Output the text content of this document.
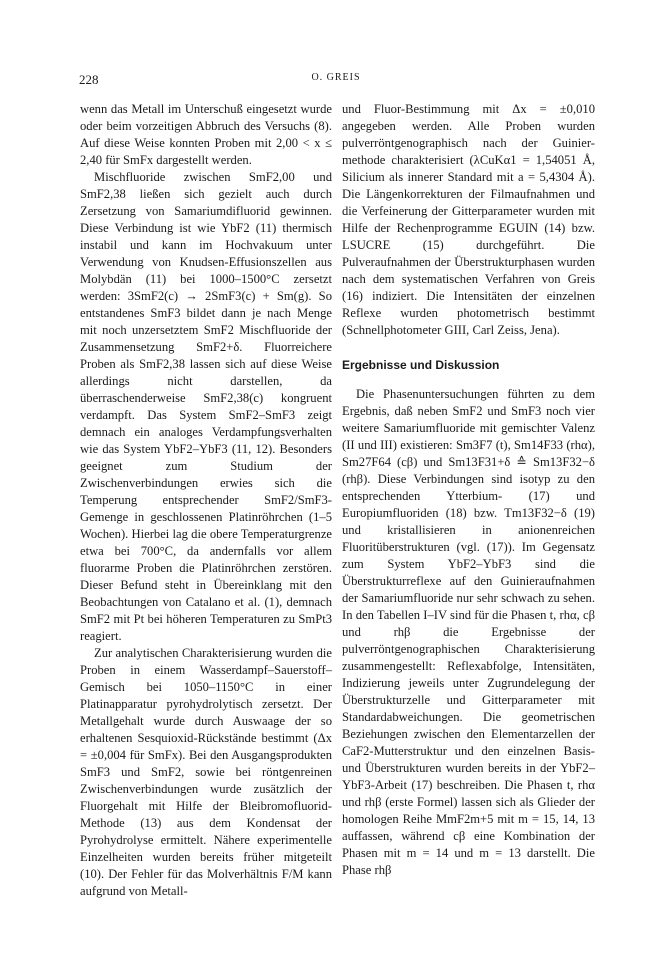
228	O. GREIS

wenn das Metall im Unterschuß eingesetzt wurde oder beim vorzeitigen Abbruch des Versuchs (8). Auf diese Weise konnten Proben mit 2,00 < x ≤ 2,40 für SmFx dargestellt werden.

Mischfluoride zwischen SmF2,00 und SmF2,38 ließen sich gezielt auch durch Zersetzung von Samariumdifluorid gewinnen. Diese Verbindung ist wie YbF2 (11) thermisch instabil und kann im Hochvakuum unter Verwendung von Knudsen-Effusionszellen aus Molybdän (11) bei 1000–1500°C zersetzt werden: 3SmF2(c) → 2SmF3(c) + Sm(g). So entstandenes SmF3 bildet dann je nach Menge mit noch unzersetztem SmF2 Mischfluoride der Zusammensetzung SmF2+δ. Fluorreichere Proben als SmF2,38 lassen sich auf diese Weise allerdings nicht darstellen, da überraschenderweise SmF2,38(c) kongruent verdampft. Das System SmF2–SmF3 zeigt demnach ein analoges Verdampfungsverhalten wie das System YbF2–YbF3 (11, 12). Besonders geeignet zum Studium der Zwischenverbindungen erwies sich die Temperung entsprechender SmF2/SmF3-Gemenge in geschlossenen Platinröhrchen (1–5 Wochen). Hierbei lag die obere Temperaturgrenze etwa bei 700°C, da andernfalls vor allem fluorarme Proben die Platinröhrchen zerstören. Dieser Befund steht in Übereinklang mit den Beobachtungen von Catalano et al. (1), demnach SmF2 mit Pt bei höheren Temperaturen zu SmPt3 reagiert.

Zur analytischen Charakterisierung wurden die Proben in einem Wasserdampf–Sauerstoff–Gemisch bei 1050–1150°C in einer Platinapparatur pyrohydrolytisch zersetzt. Der Metallgehalt wurde durch Auswaage der so erhaltenen Sesquioxid-Rückstände bestimmt (Δx = ±0,004 für SmFx). Bei den Ausgangsprodukten SmF3 und SmF2, sowie bei röntgenreinen Zwischenverbindungen wurde zusätzlich der Fluorgehalt mit Hilfe der Bleibromofluorid-Methode (13) aus dem Kondensat der Pyrohydrolyse ermittelt. Nähere experimentelle Einzelheiten wurden bereits früher mitgeteilt (10). Der Fehler für das Molverhältnis F/M kann aufgrund von Metall-

und Fluor-Bestimmung mit Δx = ±0,010 angegeben werden. Alle Proben wurden pulverröntgenographisch nach der Guinier-methode charakterisiert (λCuKα1 = 1,54051 Å, Silicium als innerer Standard mit a = 5,4304 Å). Die Längenkorrekturen der Filmaufnahmen und die Verfeinerung der Gitterparameter wurden mit Hilfe der Rechenprogramme EGUIN (14) bzw. LSUCRE (15) durchgeführt. Die Pulveraufnahmen der Überstrukturphasen wurden nach dem systematischen Verfahren von Greis (16) indiziert. Die Intensitäten der einzelnen Reflexe wurden photometrisch bestimmt (Schnellphotometer GIII, Carl Zeiss, Jena).

Ergebnisse und Diskussion

Die Phasenuntersuchungen führten zu dem Ergebnis, daß neben SmF2 und SmF3 noch vier weitere Samariumfluoride mit gemischter Valenz (II und III) existieren: Sm3F7 (t), Sm14F33 (rhα), Sm27F64 (cβ) und Sm13F31+δ ≙ Sm13F32−δ (rhβ). Diese Verbindungen sind isotyp zu den entsprechenden Ytterbium- (17) und Europiumfluoriden (18) bzw. Tm13F32−δ (19) und kristallisieren in anionenreichen Fluoritüberstrukturen (vgl. (17)). Im Gegensatz zum System YbF2–YbF3 sind die Überstrukturreflexe auf den Guinieraufnahmen der Samariumfluoride nur sehr schwach zu sehen. In den Tabellen I–IV sind für die Phasen t, rhα, cβ und rhβ die Ergebnisse der pulverröntgenographischen Charakterisierung zusammengestellt: Reflexabfolge, Intensitäten, Indizierung jeweils unter Zugrundelegung der Überstrukturzelle und Gitterparameter mit Standardabweichungen. Die geometrischen Beziehungen zwischen den Elementarzellen der CaF2-Mutterstruktur und den einzelnen Basis- und Überstrukturen wurden bereits in der YbF2–YbF3-Arbeit (17) beschreiben. Die Phasen t, rhα und rhβ (erste Formel) lassen sich als Glieder der homologen Reihe MmF2m+5 mit m = 15, 14, 13 auffassen, während cβ eine Kombination der Phasen mit m = 14 und m = 13 darstellt. Die Phase rhβ
